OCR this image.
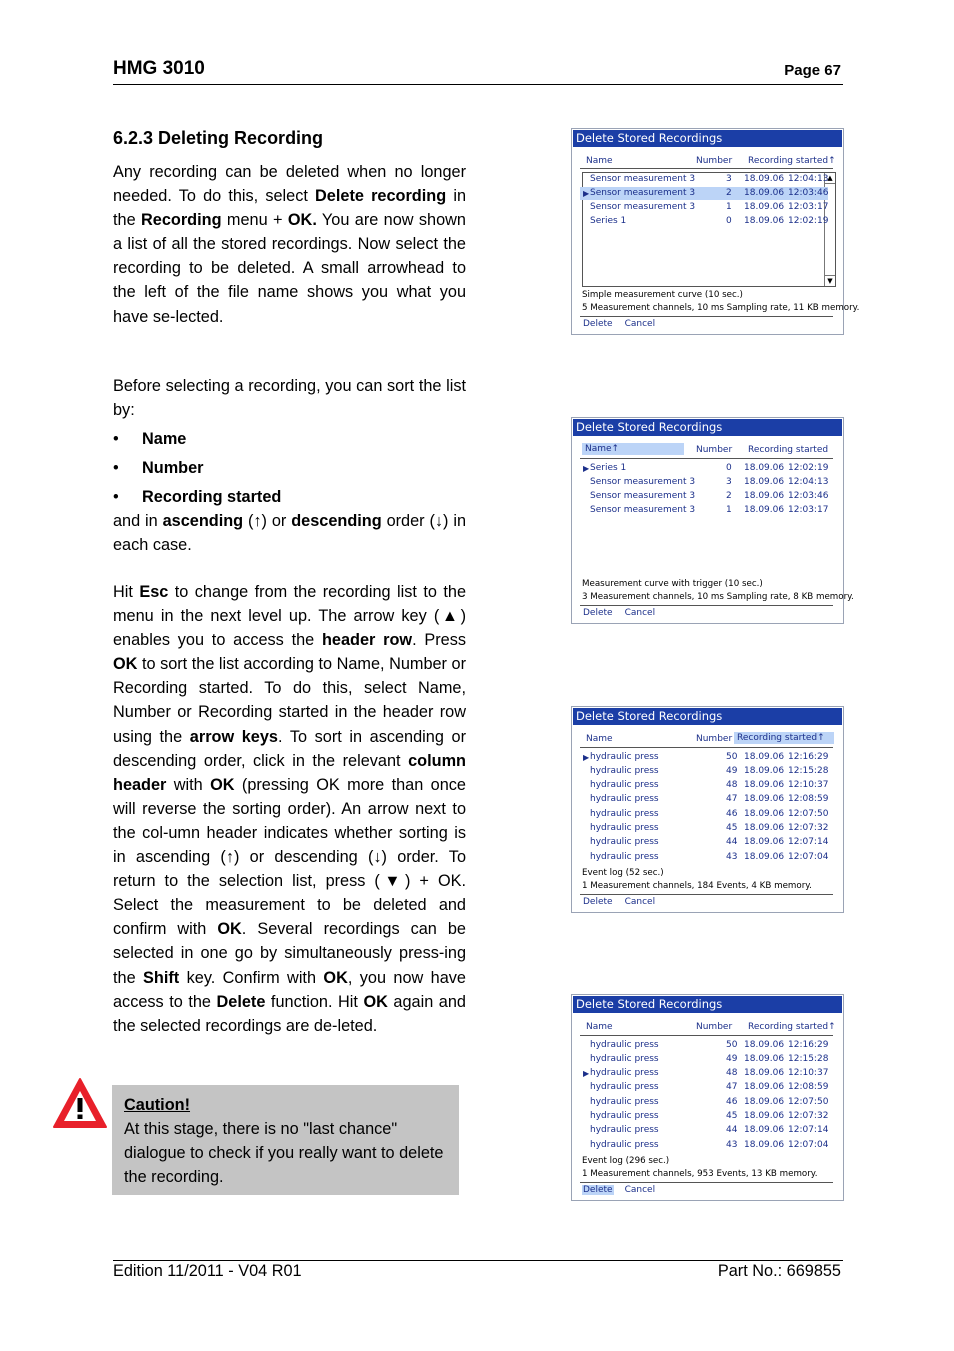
HMG 3010	Page 67
6.2.3 Deleting Recording

Any recording can be deleted when no longer needed. To do this, select Delete recording in the Recording menu + OK. You are now shown a list of all the stored recordings. Now select the recording to be deleted. A small arrowhead to the left of the file name shows you what you have se-lected.

Before selecting a recording, you can sort the list by:

• Name
• Number
• Recording started

and in ascending (↑) or descending order (↓) in each case.

Hit Esc to change from the recording list to the menu in the next level up. The arrow key (▲) enables you to access the header row. Press OK to sort the list according to Name, Number or Recording started. To do this, select Name, Number or Recording started in the header row using the arrow keys. To sort in ascending or descending order, click in the relevant column header with OK (pressing OK more than once will reverse the sorting order). An arrow next to the col-umn header indicates whether sorting is in ascending (↑) or descending (↓) order. To return to the selection list, press (▼) + OK. Select the measurement to be deleted and confirm with OK. Several recordings can be selected in one go by simultaneously press-ing the Shift key. Confirm with OK, you now have access to the Delete function. Hit OK again and the selected recordings are de-leted.

Caution!
At this stage, there is no "last chance" dialogue to check if you really want to delete the recording.
Edition 11/2011 - V04 R01	Part No.: 669855
Delete Stored Recordings
Name	Number Recording started↑
▲
▼
Sensor measurement 3	3 18.09.06 12:04:13
▶ Sensor measurement 3	2 18.09.06 12:03:46
Sensor measurement 3	1 18.09.06 12:03:17
Series 1	0 18.09.06 12:02:19
Simple measurement curve (10 sec.)
5 Measurement channels, 10 ms Sampling rate, 11 KB memory.
Delete Cancel
Delete Stored Recordings
Name↑	Number Recording started
▶ Series 1	0 18.09.06 12:02:19
Sensor measurement 3	3 18.09.06 12:04:13
Sensor measurement 3	2 18.09.06 12:03:46
Sensor measurement 3	1 18.09.06 12:03:17
Measurement curve with trigger (10 sec.)
3 Measurement channels, 10 ms Sampling rate, 8 KB memory.
Delete Cancel
Delete Stored Recordings
Name	Number Recording started↑
▶ hydraulic press	50 18.09.06 12:16:29
hydraulic press	49 18.09.06 12:15:28
hydraulic press	48 18.09.06 12:10:37
hydraulic press	47 18.09.06 12:08:59
hydraulic press	46 18.09.06 12:07:50
hydraulic press	45 18.09.06 12:07:32
hydraulic press	44 18.09.06 12:07:14
hydraulic press	43 18.09.06 12:07:04
Event log (52 sec.)
1 Measurement channels, 184 Events, 4 KB memory.
Delete Cancel
Delete Stored Recordings
Name	Number Recording started↑
hydraulic press	50 18.09.06 12:16:29
hydraulic press	49 18.09.06 12:15:28
▶ hydraulic press	48 18.09.06 12:10:37
hydraulic press	47 18.09.06 12:08:59
hydraulic press	46 18.09.06 12:07:50
hydraulic press	45 18.09.06 12:07:32
hydraulic press	44 18.09.06 12:07:14
hydraulic press	43 18.09.06 12:07:04
Event log (296 sec.)
1 Measurement channels, 953 Events, 13 KB memory.
Delete Cancel
